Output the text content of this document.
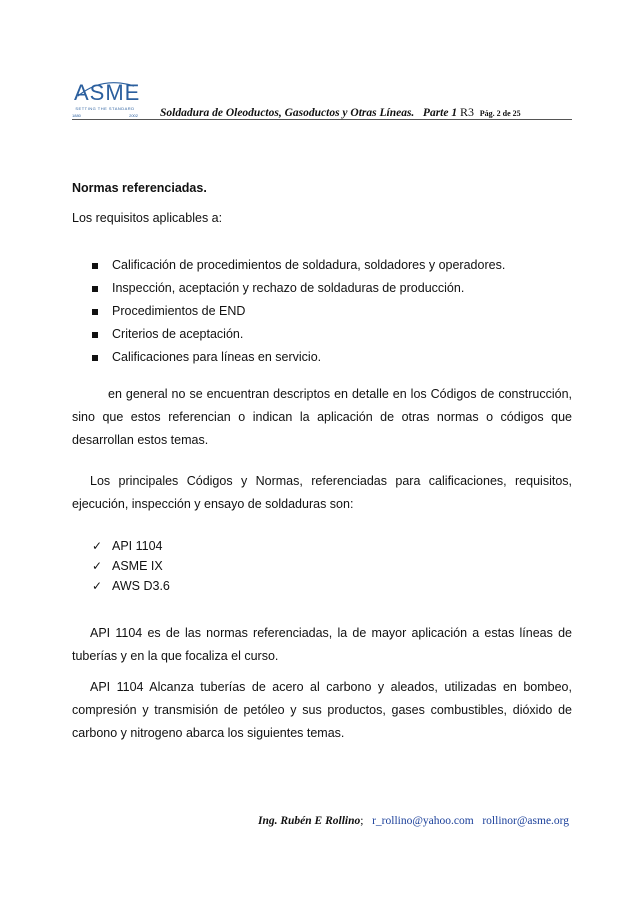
ASME
SETTING THE STANDARD
1880	2002 Soldadura de Oleoductos, Gasoductos y Otras Líneas. Parte 1 R3 Pág. 2 de 25
Normas referenciadas.
Los requisitos aplicables a:
Calificación de procedimientos de soldadura, soldadores y operadores.
Inspección, aceptación y rechazo de soldaduras de producción.
Procedimientos de END
Criterios de aceptación.
Calificaciones para líneas en servicio.
en general no se encuentran descriptos en detalle en los Códigos de construcción, sino que estos referencian o indican la aplicación de otras normas o códigos que desarrollan estos temas.
Los principales Códigos y Normas, referenciadas para calificaciones, requisitos, ejecución, inspección y ensayo de soldaduras son:
✓ API 1104
✓ ASME IX
✓ AWS D3.6
API 1104 es de las normas referenciadas, la de mayor aplicación a estas líneas de tuberías y en la que focaliza el curso.
API 1104 Alcanza tuberías de acero al carbono y aleados, utilizadas en bombeo, compresión y transmisión de petóleo y sus productos, gases combustibles, dióxido de carbono y nitrogeno abarca los siguientes temas.
Ing. Rubén E Rollino;   r_rollino@yahoo.com rollinor@asme.org
